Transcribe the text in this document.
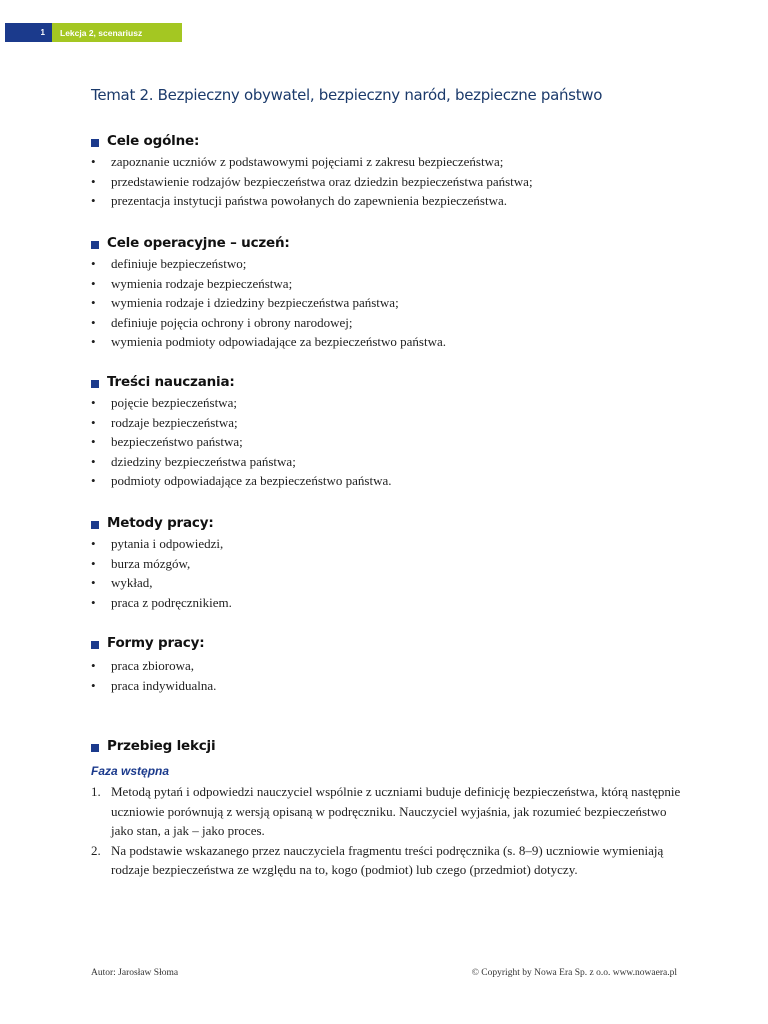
1	Lekcja 2, scenariusz
Temat 2. Bezpieczny obywatel, bezpieczny naród, bezpieczne państwo
Cele ogólne:
• zapoznanie uczniów z podstawowymi pojęciami z zakresu bezpieczeństwa;
• przedstawienie rodzajów bezpieczeństwa oraz dziedzin bezpieczeństwa państwa;
• prezentacja instytucji państwa powołanych do zapewnienia bezpieczeństwa.
Cele operacyjne – uczeń:
• definiuje bezpieczeństwo;
• wymienia rodzaje bezpieczeństwa;
• wymienia rodzaje i dziedziny bezpieczeństwa państwa;
• definiuje pojęcia ochrony i obrony narodowej;
• wymienia podmioty odpowiadające za bezpieczeństwo państwa.
Treści nauczania:
• pojęcie bezpieczeństwa;
• rodzaje bezpieczeństwa;
• bezpieczeństwo państwa;
• dziedziny bezpieczeństwa państwa;
• podmioty odpowiadające za bezpieczeństwo państwa.
Metody pracy:
• pytania i odpowiedzi,
• burza mózgów,
• wykład,
• praca z podręcznikiem.
Formy pracy:
• praca zbiorowa,
• praca indywidualna.
Przebieg lekcji
Faza wstępna
1. Metodą pytań i odpowiedzi nauczyciel wspólnie z uczniami buduje definicję bezpieczeństwa, którą następnie uczniowie porównują z wersją opisaną w podręczniku. Nauczyciel wyjaśnia, jak rozumieć bezpieczeństwo jako stan, a jak – jako proces.
2. Na podstawie wskazanego przez nauczyciela fragmentu treści podręcznika (s. 8–9) uczniowie wymieniają rodzaje bezpieczeństwa ze względu na to, kogo (podmiot) lub czego (przedmiot) dotyczy.
Autor: Jarosław Słoma	© Copyright by Nowa Era Sp. z o.o. www.nowaera.pl
